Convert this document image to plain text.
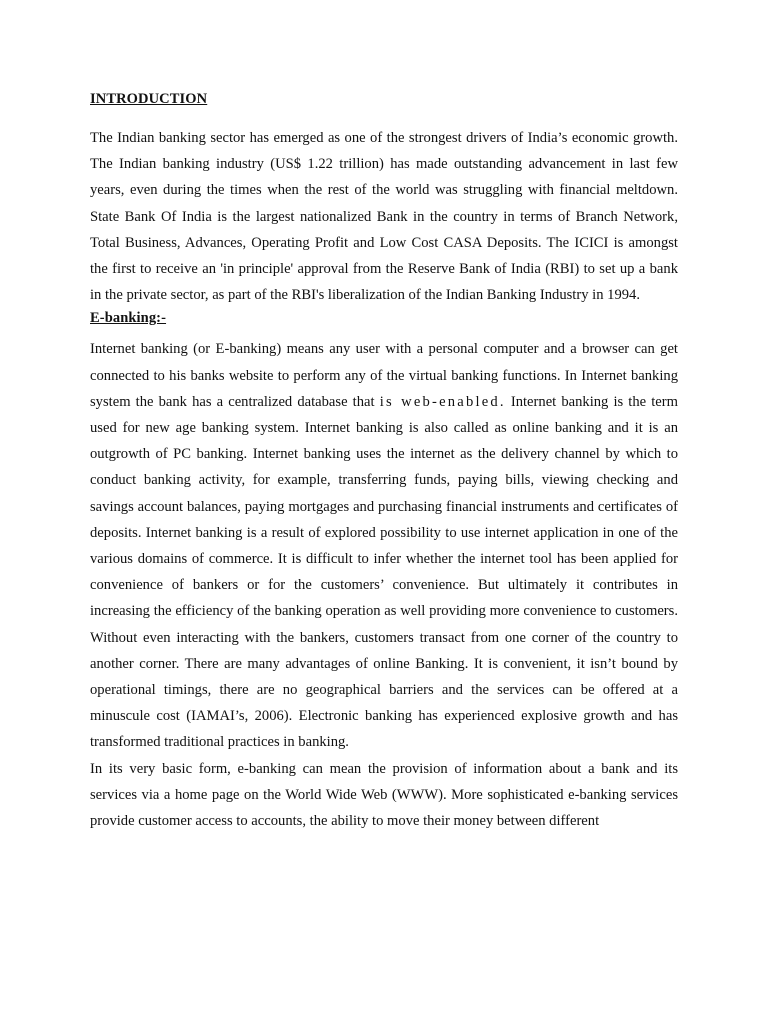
INTRODUCTION

The Indian banking sector has emerged as one of the strongest drivers of India’s economic growth. The Indian banking industry (US$ 1.22 trillion) has made outstanding advancement in last few years, even during the times when the rest of the world was struggling with financial meltdown. State Bank Of India is the largest nationalized Bank in the country in terms of Branch Network, Total Business, Advances, Operating Profit and Low Cost CASA Deposits. The ICICI is amongst the first to receive an 'in principle' approval from the Reserve Bank of India (RBI) to set up a bank in the private sector, as part of the RBI's liberalization of the Indian Banking Industry in 1994.

E-banking:-

Internet banking (or E-banking) means any user with a personal computer and a browser can get connected to his banks website to perform any of the virtual banking functions. In Internet banking system the bank has a centralized database that is web-enabled. Internet banking is the term used for new age banking system. Internet banking is also called as online banking and it is an outgrowth of PC banking. Internet banking uses the internet as the delivery channel by which to conduct banking activity, for example, transferring funds, paying bills, viewing checking and savings account balances, paying mortgages and purchasing financial instruments and certificates of deposits. Internet banking is a result of explored possibility to use internet application in one of the various domains of commerce. It is difficult to infer whether the internet tool has been applied for convenience of bankers or for the customers’ convenience. But ultimately it contributes in increasing the efficiency of the banking operation as well providing more convenience to customers. Without even interacting with the bankers, customers transact from one corner of the country to another corner. There are many advantages of online Banking. It is convenient, it isn’t bound by operational timings, there are no geographical barriers and the services can be offered at a minuscule cost (IAMAI’s, 2006). Electronic banking has experienced explosive growth and has transformed traditional practices in banking.

In its very basic form, e-banking can mean the provision of information about a bank and its services via a home page on the World Wide Web (WWW). More sophisticated e-banking services provide customer access to accounts, the ability to move their money between different
